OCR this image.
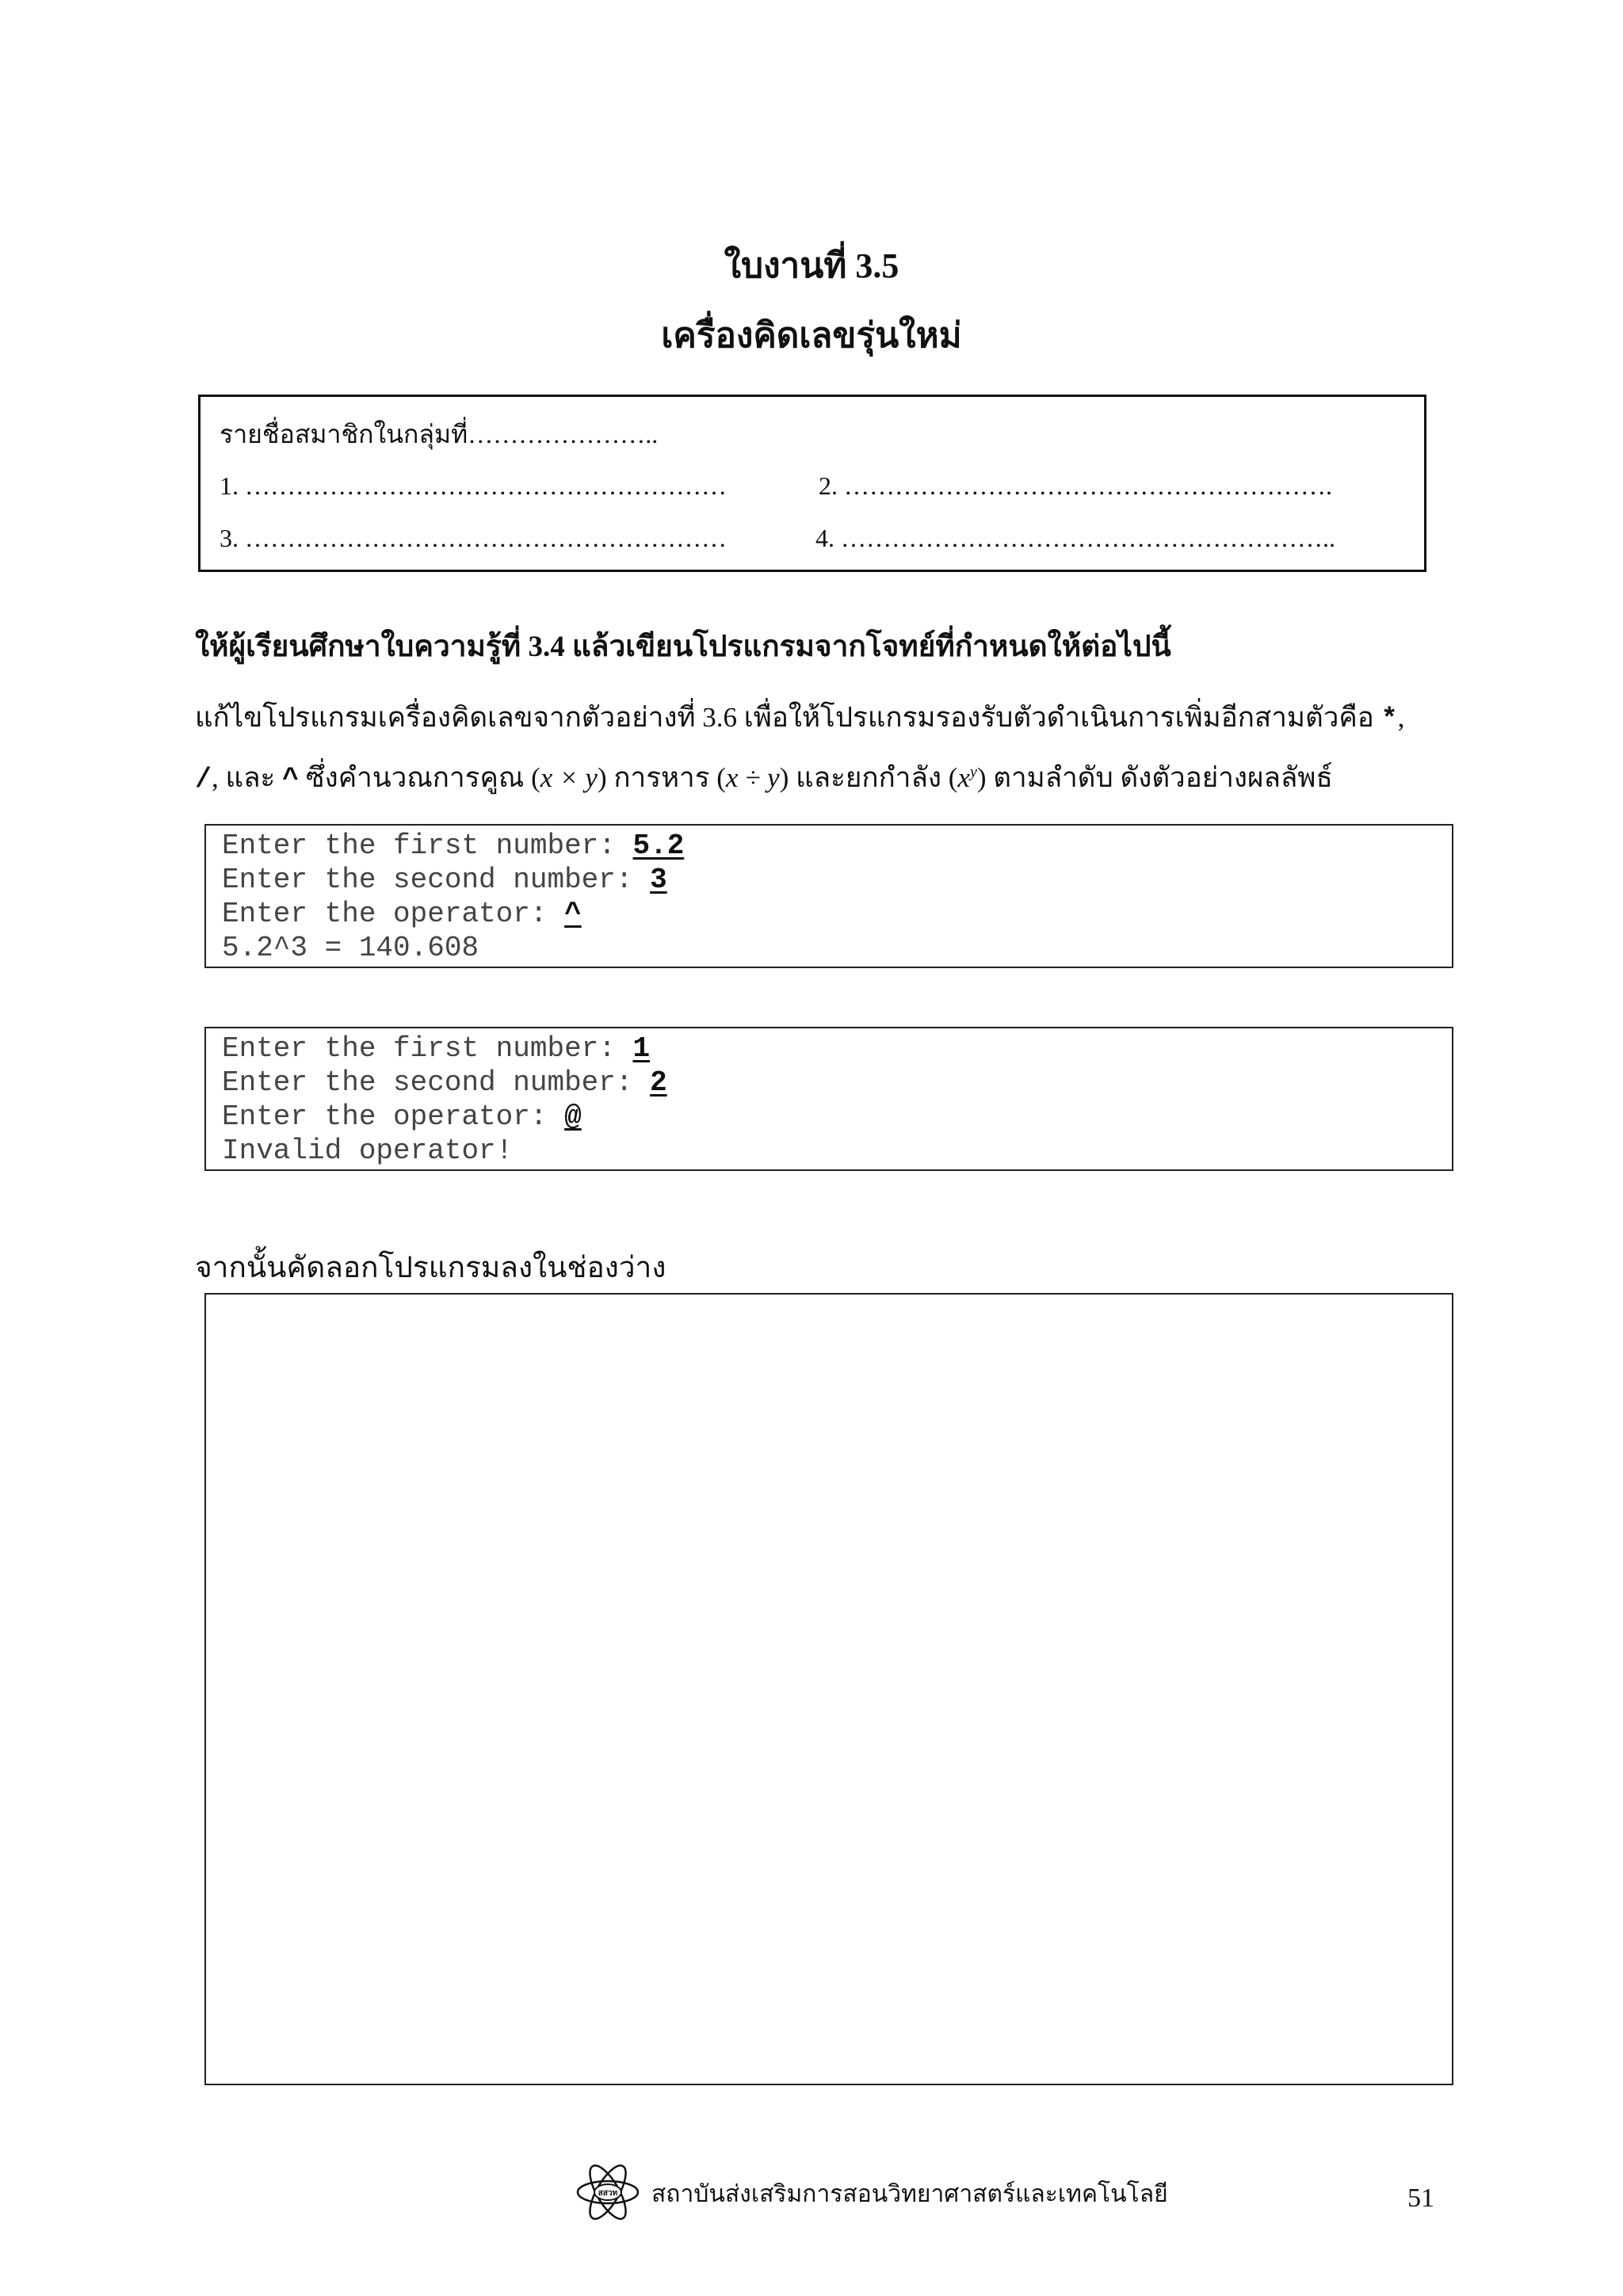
ใบงานที่ 3.5
เครื่องคิดเลขรุ่นใหม่
รายชื่อสมาชิกในกลุ่มที่…………………..
1. …………………………………………………	2. ………………………………………………….
3. …………………………………………………	4. …………………………………………………..
ให้ผู้เรียนศึกษาใบความรู้ที่ 3.4 แล้วเขียนโปรแกรมจากโจทย์ที่กำหนดให้ต่อไปนี้
แก้ไขโปรแกรมเครื่องคิดเลขจากตัวอย่างที่ 3.6 เพื่อให้โปรแกรมรองรับตัวดำเนินการเพิ่มอีกสามตัวคือ *,
/, และ ^ ซึ่งคำนวณการคูณ (x × y) การหาร (x ÷ y) และยกกำลัง $(x^y)$ ตามลำดับ ดังตัวอย่างผลลัพธ์
Enter the first number: 5.2
Enter the second number: 3
Enter the operator: ^
5.2^3 = 140.608
Enter the first number: 1
Enter the second number: 2
Enter the operator: @
Invalid operator!
จากนั้นคัดลอกโปรแกรมลงในช่องว่าง
สสวท สถาบันส่งเสริมการสอนวิทยาศาสตร์และเทคโนโลยี	51
